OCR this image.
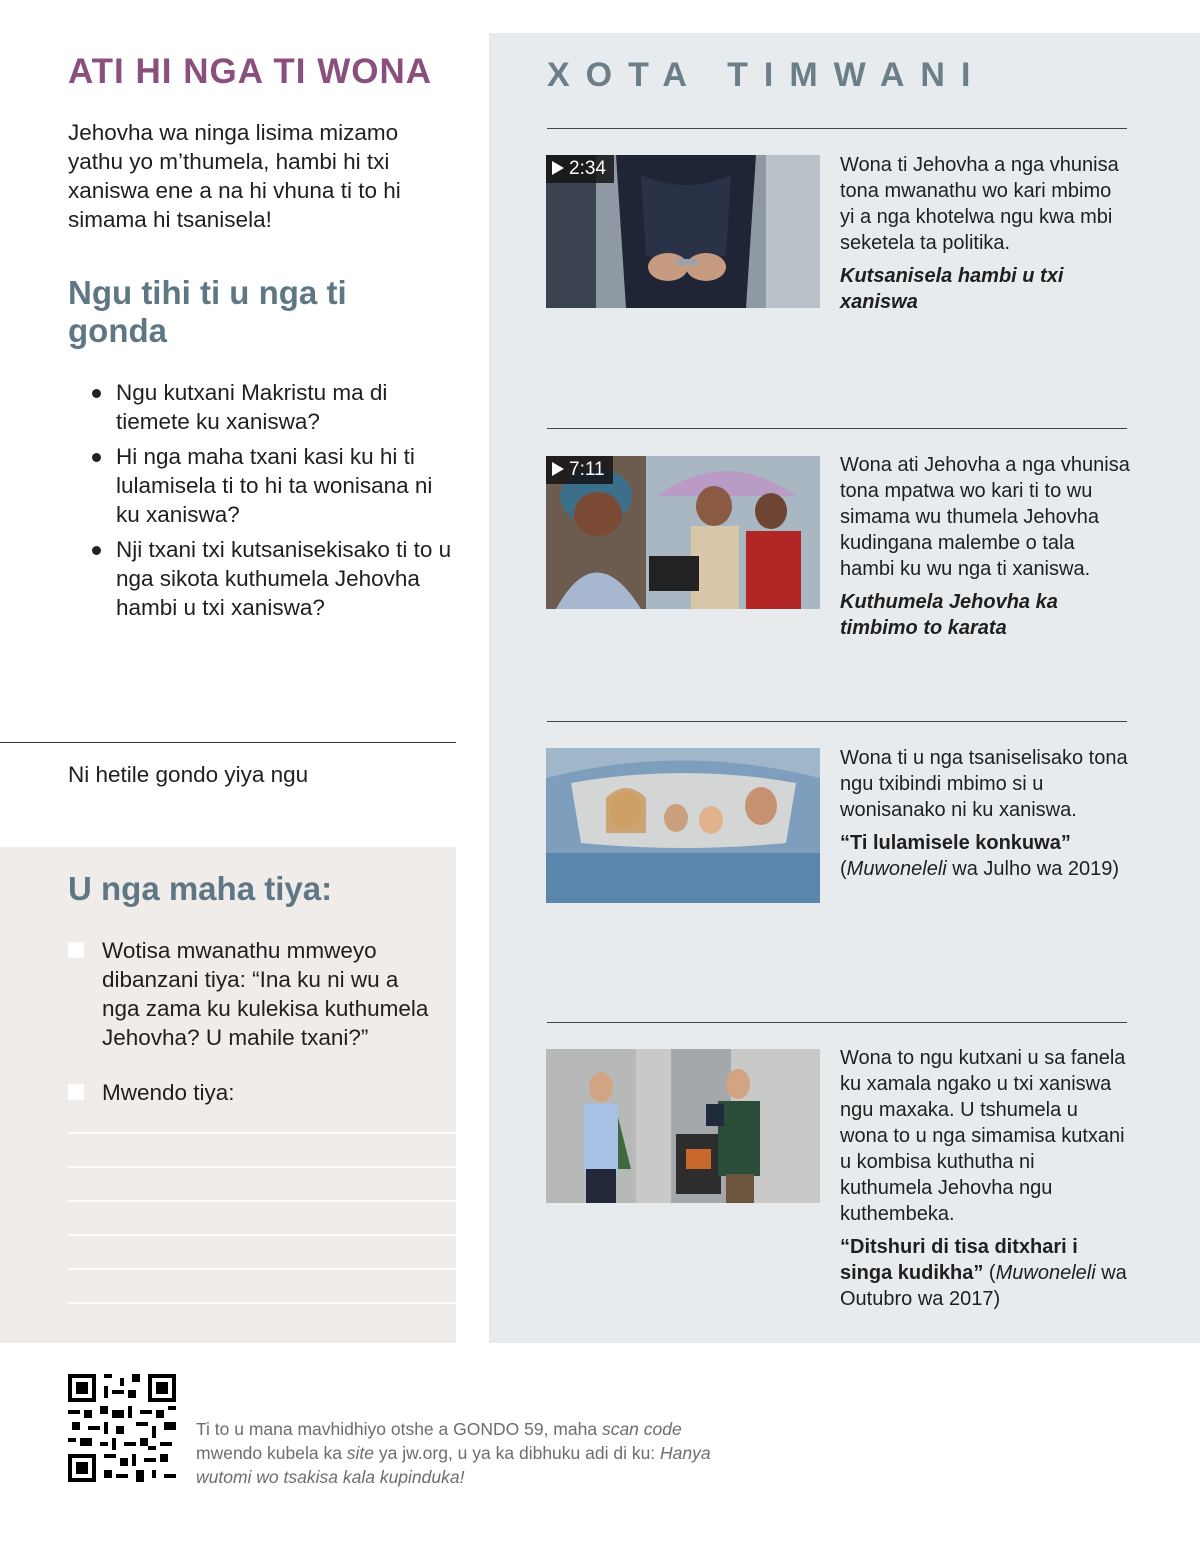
ATI HI NGA TI WONA

Jehovha wa ninga lisima mizamo yathu yo m’thumela, hambi hi txi xaniswa ene a na hi vhuna ti to hi simama hi tsanisela!

Ngu tihi ti u nga ti gonda
Ngu kutxani Makristu ma di tiemete ku xaniswa?
Hi nga maha txani kasi ku hi ti lulamisela ti to hi ta wonisana ni ku xaniswa?
Nji txani txi kutsanisekisako ti to u nga sikota kuthumela Jehovha hambi u txi xaniswa?

Ni hetile gondo yiya ngu

U nga maha tiya:
Wotisa mwanathu mmweyo dibanzani tiya: “Ina ku ni wu a nga zama ku kulekisa kuthumela Jehovha? U mahile txani?”
Mwendo tiya:
XOTA TIMWANI
2:34	Wona ti Jehovha a nga vhunisa tona mwanathu wo kari mbimo yi a nga khotelwa ngu kwa mbi seketela ta politika.

Kutsanisela hambi u txi xaniswa

7:11	Wona ati Jehovha a nga vhunisa tona mpatwa wo kari ti to wu simama wu thumela Jehovha kudingana malembe o tala hambi ku wu nga ti xaniswa.

Kuthumela Jehovha ka timbimo to karata

Wona ti u nga tsaniselisako tona ngu txibindi mbimo si u wonisanako ni ku xaniswa.

“Ti lulamisele konkuwa” (Muwoneleli wa Julho wa 2019)

Wona to ngu kutxani u sa fanela ku xamala ngako u txi xaniswa ngu maxaka. U tshumela u wona to u nga simamisa kutxani u kombisa kuthutha ni kuthumela Jehovha ngu kuthembeka.

“Ditshuri di tisa ditxhari i singa kudikha” (Muwoneleli wa Outubro wa 2017)

Ti to u mana mavhidhiyo otshe a GONDO 59, maha scan code mwendo kubela ka site ya jw.org, u ya ka dibhuku adi di ku: Hanya wutomi wo tsakisa kala kupinduka!
